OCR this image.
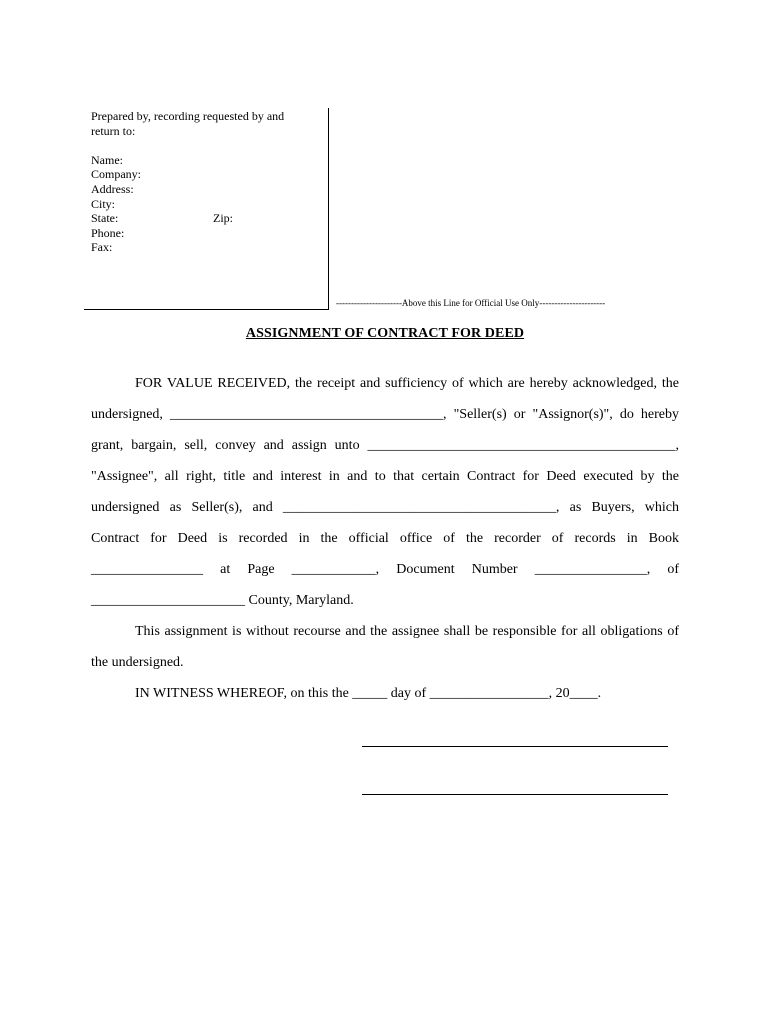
Prepared by, recording requested by and
return to:
Name:
Company:
Address:
City:
State:	Zip:
Phone:
Fax:
----------------------Above this Line for Official Use Only----------------------
ASSIGNMENT OF CONTRACT FOR DEED

FOR VALUE RECEIVED, the receipt and sufficiency of which are hereby acknowledged, the undersigned, _______________________________________, "Seller(s) or "Assignor(s)", do hereby grant, bargain, sell, convey and assign unto ____________________________________________, "Assignee", all right, title and interest in and to that certain Contract for Deed executed by the undersigned as Seller(s), and _______________________________________, as Buyers, which Contract for Deed is recorded in the official office of the recorder of records in Book ________________ at Page ____________, Document Number ________________, of ______________________ County, Maryland.

This assignment is without recourse and the assignee shall be responsible for all obligations of the undersigned.

IN WITNESS WHEREOF, on this the _____ day of _________________, 20____.
